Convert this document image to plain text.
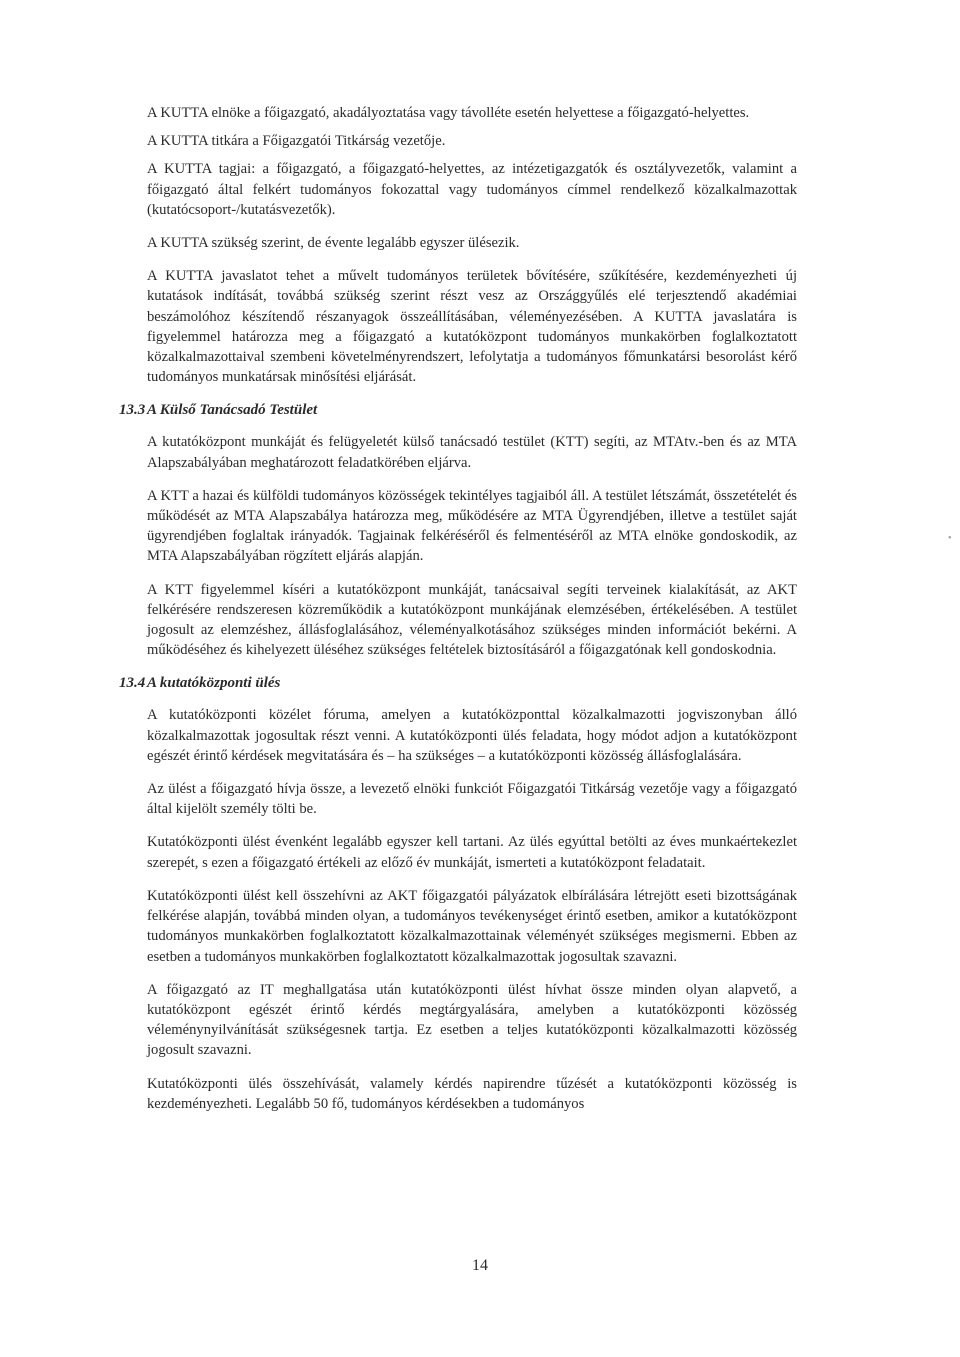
A KUTTA elnöke a főigazgató, akadályoztatása vagy távolléte esetén helyettese a főigazgató-helyettes.

A KUTTA titkára a Főigazgatói Titkárság vezetője.

A KUTTA tagjai: a főigazgató, a főigazgató-helyettes, az intézetigazgatók és osztályvezetők, valamint a főigazgató által felkért tudományos fokozattal vagy tudományos címmel rendelkező közalkalmazottak (kutatócsoport-/kutatásvezetők).

A KUTTA szükség szerint, de évente legalább egyszer ülésezik.

A KUTTA javaslatot tehet a művelt tudományos területek bővítésére, szűkítésére, kezdeményezheti új kutatások indítását, továbbá szükség szerint részt vesz az Országgyűlés elé terjesztendő akadémiai beszámolóhoz készítendő részanyagok összeállításában, véleményezésében. A KUTTA javaslatára is figyelemmel határozza meg a főigazgató a kutatóközpont tudományos munkakörben foglalkoztatott közalkalmazottaival szembeni követelményrendszert, lefolytatja a tudományos főmunkatársi besorolást kérő tudományos munkatársak minősítési eljárását.

13.3 A Külső Tanácsadó Testület

A kutatóközpont munkáját és felügyeletét külső tanácsadó testület (KTT) segíti, az MTAtv.-ben és az MTA Alapszabályában meghatározott feladatkörében eljárva.

A KTT a hazai és külföldi tudományos közösségek tekintélyes tagjaiból áll. A testület létszámát, összetételét és működését az MTA Alapszabálya határozza meg, működésére az MTA Ügyrendjében, illetve a testület saját ügyrendjében foglaltak irányadók. Tagjainak felkéréséről és felmentéséről az MTA elnöke gondoskodik, az MTA Alapszabályában rögzített eljárás alapján.

A KTT figyelemmel kíséri a kutatóközpont munkáját, tanácsaival segíti terveinek kialakítását, az AKT felkérésére rendszeresen közreműködik a kutatóközpont munkájának elemzésében, értékelésében. A testület jogosult az elemzéshez, állásfoglalásához, véleményalkotásához szükséges minden információt bekérni. A működéséhez és kihelyezett üléséhez szükséges feltételek biztosításáról a főigazgatónak kell gondoskodnia.

13.4 A kutatóközponti ülés

A kutatóközponti közélet fóruma, amelyen a kutatóközponttal közalkalmazotti jogviszonyban álló közalkalmazottak jogosultak részt venni. A kutatóközponti ülés feladata, hogy módot adjon a kutatóközpont egészét érintő kérdések megvitatására és – ha szükséges – a kutatóközponti közösség állásfoglalására.

Az ülést a főigazgató hívja össze, a levezető elnöki funkciót Főigazgatói Titkárság vezetője vagy a főigazgató által kijelölt személy tölti be.

Kutatóközponti ülést évenként legalább egyszer kell tartani. Az ülés egyúttal betölti az éves munkaértekezlet szerepét, s ezen a főigazgató értékeli az előző év munkáját, ismerteti a kutatóközpont feladatait.

Kutatóközponti ülést kell összehívni az AKT főigazgatói pályázatok elbírálására létrejött eseti bizottságának felkérése alapján, továbbá minden olyan, a tudományos tevékenységet érintő esetben, amikor a kutatóközpont tudományos munkakörben foglalkoztatott közalkalmazottainak véleményét szükséges megismerni. Ebben az esetben a tudományos munkakörben foglalkoztatott közalkalmazottak jogosultak szavazni.

A főigazgató az IT meghallgatása után kutatóközponti ülést hívhat össze minden olyan alapvető, a kutatóközpont egészét érintő kérdés megtárgyalására, amelyben a kutatóközponti közösség véleménynyilvánítását szükségesnek tartja. Ez esetben a teljes kutatóközponti közalkalmazotti közösség jogosult szavazni.

Kutatóközponti ülés összehívását, valamely kérdés napirendre tűzését a kutatóközponti közösség is kezdeményezheti. Legalább 50 fő, tudományos kérdésekben a tudományos

•
14
